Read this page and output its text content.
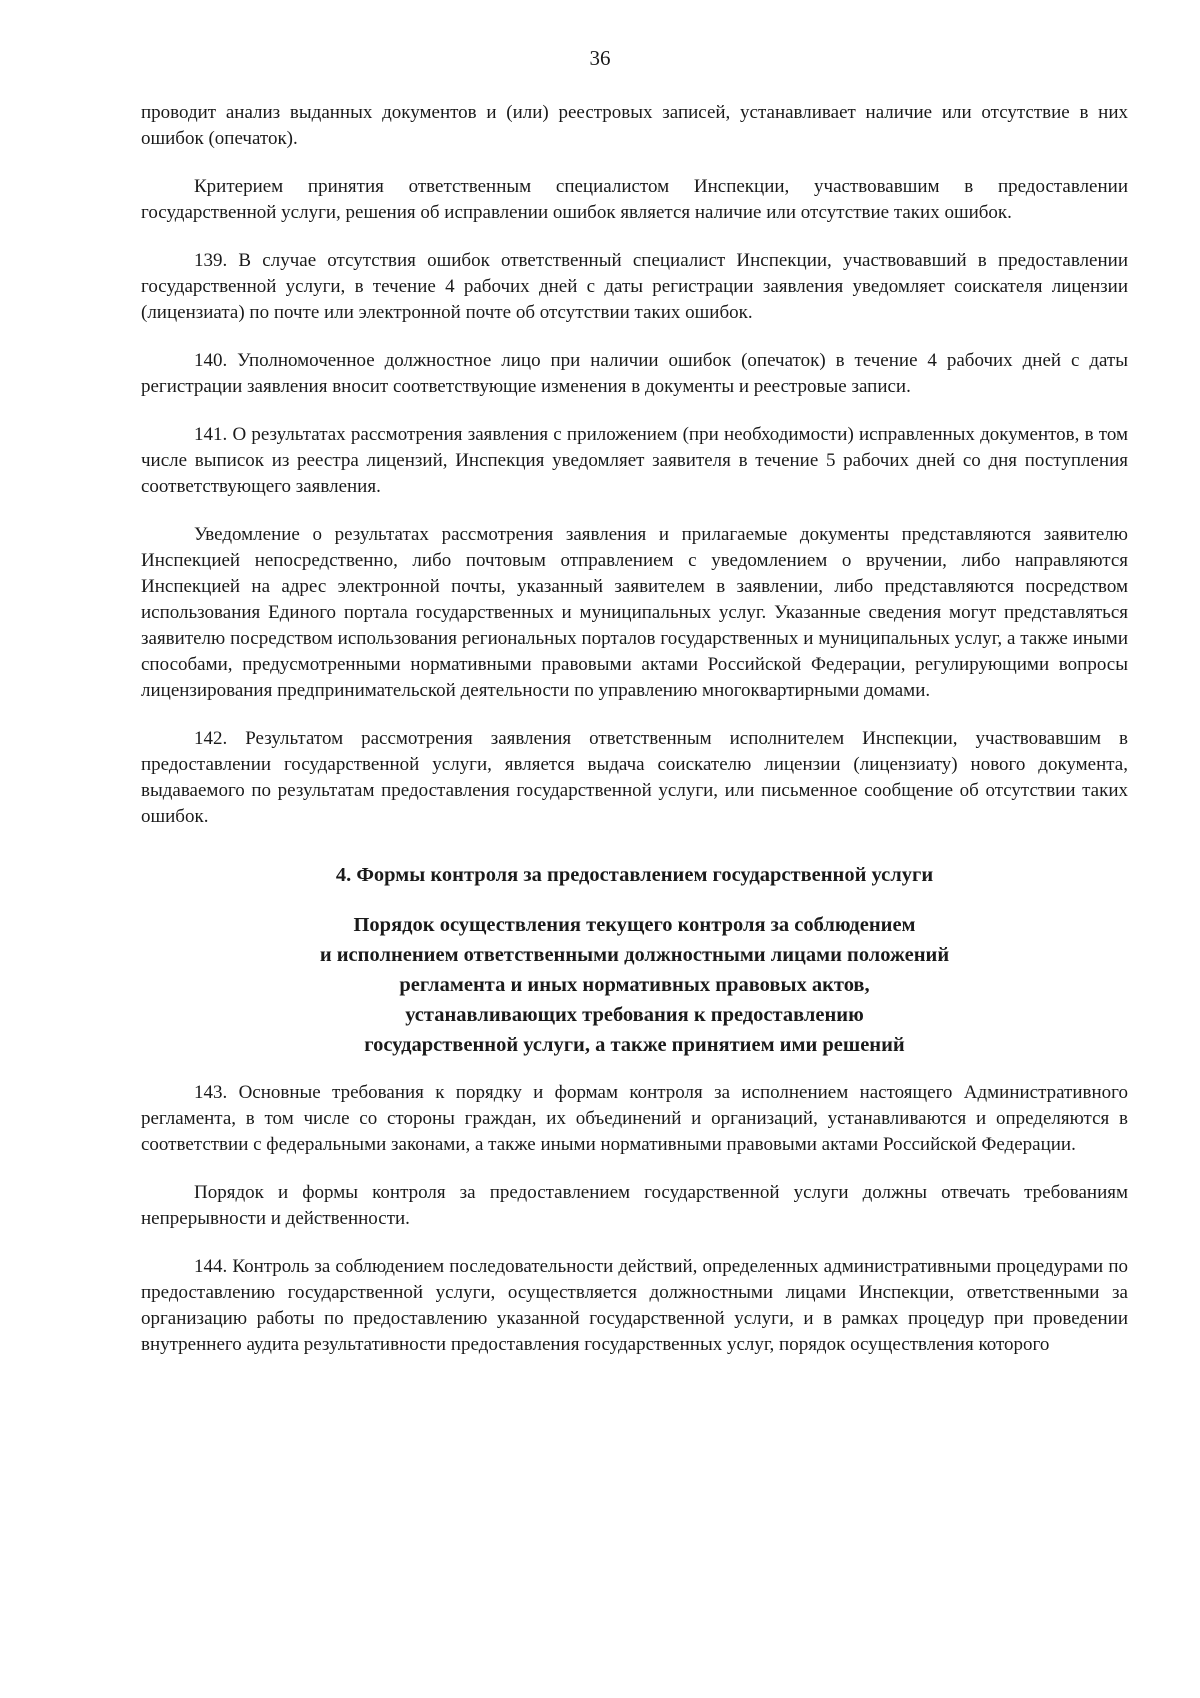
36

проводит анализ выданных документов и (или) реестровых записей, устанавливает наличие или отсутствие в них ошибок (опечаток).

Критерием принятия ответственным специалистом Инспекции, участвовавшим в предоставлении государственной услуги, решения об исправлении ошибок является наличие или отсутствие таких ошибок.

139. В случае отсутствия ошибок ответственный специалист Инспекции, участвовавший в предоставлении государственной услуги, в течение 4 рабочих дней с даты регистрации заявления уведомляет соискателя лицензии (лицензиата) по почте или электронной почте об отсутствии таких ошибок.

140. Уполномоченное должностное лицо при наличии ошибок (опечаток) в течение 4 рабочих дней с даты регистрации заявления вносит соответствующие изменения в документы и реестровые записи.

141. О результатах рассмотрения заявления с приложением (при необходимости) исправленных документов, в том числе выписок из реестра лицензий, Инспекция уведомляет заявителя в течение 5 рабочих дней со дня поступления соответствующего заявления.

Уведомление о результатах рассмотрения заявления и прилагаемые документы представляются заявителю Инспекцией непосредственно, либо почтовым отправлением с уведомлением о вручении, либо направляются Инспекцией на адрес электронной почты, указанный заявителем в заявлении, либо представляются посредством использования Единого портала государственных и муниципальных услуг. Указанные сведения могут представляться заявителю посредством использования региональных порталов государственных и муниципальных услуг, а также иными способами, предусмотренными нормативными правовыми актами Российской Федерации, регулирующими вопросы лицензирования предпринимательской деятельности по управлению многоквартирными домами.

142. Результатом рассмотрения заявления ответственным исполнителем Инспекции, участвовавшим в предоставлении государственной услуги, является выдача соискателю лицензии (лицензиату) нового документа, выдаваемого по результатам предоставления государственной услуги, или письменное сообщение об отсутствии таких ошибок.

4. Формы контроля за предоставлением государственной услуги
Порядок осуществления текущего контроля за соблюдением
и исполнением ответственными должностными лицами положений
регламента и иных нормативных правовых актов,
устанавливающих требования к предоставлению
государственной услуги, а также принятием ими решений

143. Основные требования к порядку и формам контроля за исполнением настоящего Административного регламента, в том числе со стороны граждан, их объединений и организаций, устанавливаются и определяются в соответствии с федеральными законами, а также иными нормативными правовыми актами Российской Федерации.

Порядок и формы контроля за предоставлением государственной услуги должны отвечать требованиям непрерывности и действенности.

144. Контроль за соблюдением последовательности действий, определенных административными процедурами по предоставлению государственной услуги, осуществляется должностными лицами Инспекции, ответственными за организацию работы по предоставлению указанной государственной услуги, и в рамках процедур при проведении внутреннего аудита результативности предоставления государственных услуг, порядок осуществления которого
